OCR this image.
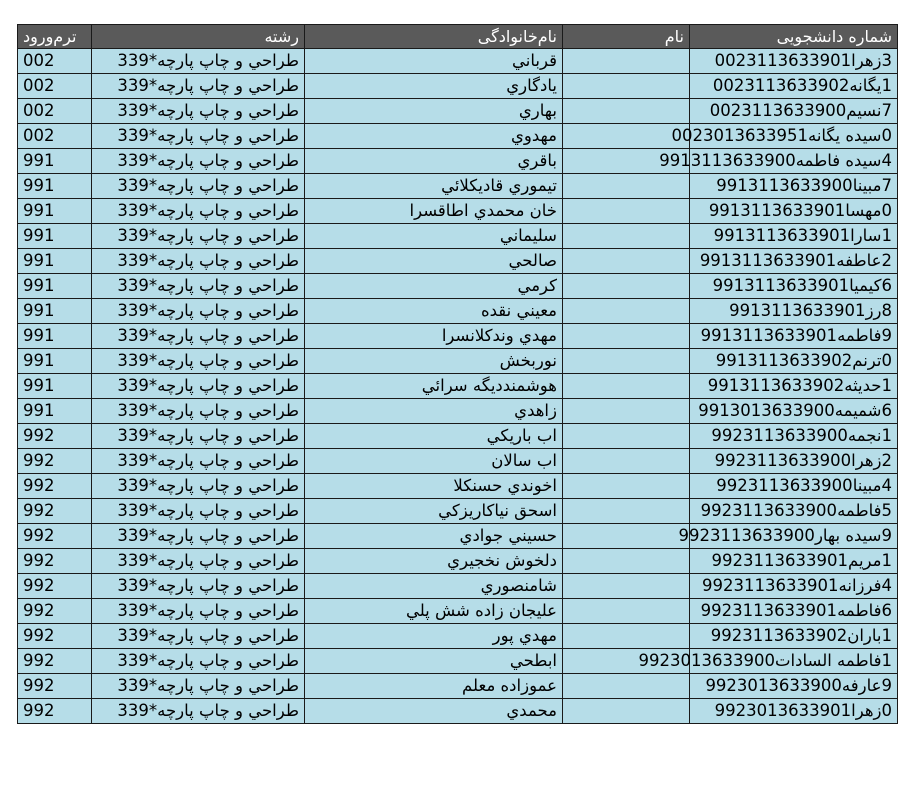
ترم‌ورود	رشته	نام‌خانوادگی	نام	شماره دانشجویی
002	طراحي و چاپ پارچه*339	قرباني		3زهرا0023113633901
002	طراحي و چاپ پارچه*339	يادگاري		1يگانه0023113633902
002	طراحي و چاپ پارچه*339	بهاري		7نسيم0023113633900
002	طراحي و چاپ پارچه*339	مهدوي		0سيده يگانه0023013633951
991	طراحي و چاپ پارچه*339	باقري		4سيده فاطمه9913113633900
991	طراحي و چاپ پارچه*339	تيموري قاديكلائي		7مبينا9913113633900
991	طراحي و چاپ پارچه*339	خان محمدي اطاقسرا		0مهسا9913113633901
991	طراحي و چاپ پارچه*339	سليماني		1سارا9913113633901
991	طراحي و چاپ پارچه*339	صالحي		2عاطفه9913113633901
991	طراحي و چاپ پارچه*339	كرمي		6كيميا9913113633901
991	طراحي و چاپ پارچه*339	معيني نقده		8رز9913113633901
991	طراحي و چاپ پارچه*339	مهدي وندكلانسرا		9فاطمه9913113633901
991	طراحي و چاپ پارچه*339	نوربخش		0ترنم9913113633902
991	طراحي و چاپ پارچه*339	هوشمندديگه سرائي		1حديثه9913113633902
991	طراحي و چاپ پارچه*339	زاهدي		6شميمه9913013633900
992	طراحي و چاپ پارچه*339	اب باريكي		1نجمه9923113633900
992	طراحي و چاپ پارچه*339	اب سالان		2زهرا9923113633900
992	طراحي و چاپ پارچه*339	اخوندي حسنكلا		4مبينا9923113633900
992	طراحي و چاپ پارچه*339	اسحق نياكاريزكي		5فاطمه9923113633900
992	طراحي و چاپ پارچه*339	حسيني جوادي		9سيده بهار9923113633900
992	طراحي و چاپ پارچه*339	دلخوش نخجيري		1مريم9923113633901
992	طراحي و چاپ پارچه*339	شامنصوري		4فرزانه9923113633901
992	طراحي و چاپ پارچه*339	عليجان زاده شش پلي		6فاطمه9923113633901
992	طراحي و چاپ پارچه*339	مهدي پور		1باران9923113633902
992	طراحي و چاپ پارچه*339	ابطحي		1فاطمه السادات9923013633900
992	طراحي و چاپ پارچه*339	عموزاده معلم		9عارفه9923013633900
992	طراحي و چاپ پارچه*339	محمدي		0زهرا9923013633901
